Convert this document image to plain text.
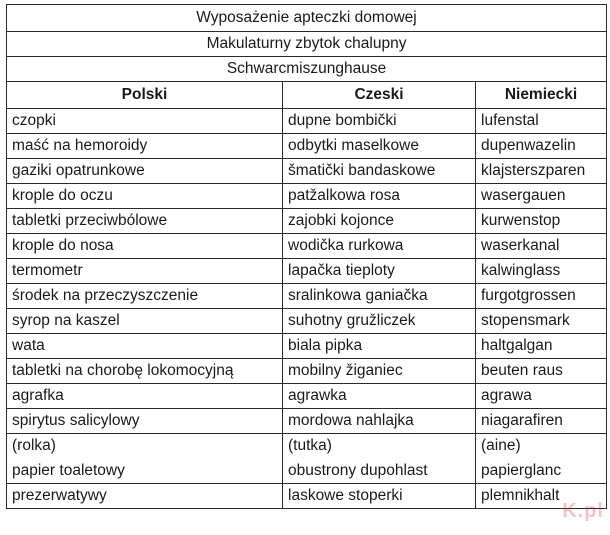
Wyposażenie apteczki domowej		
Makulaturny zbytok chalupny		
Schwarcmiszunghause		
Polski	Czeski	Niemiecki
czopki	dupne bombički	lufenstal
maść na hemoroidy	odbytki maselkowe	dupenwazelin
gaziki opatrunkowe	šmatički bandaskowe	klajsterszparen
krople do oczu	patžalkowa rosa	wasergauen
tabletki przeciwbólowe	zajobki kojonce	kurwenstop
krople do nosa	wodička rurkowa	waserkanal
termometr	lapačka tieploty	kalwinglass
środek na przeczyszczenie	sralinkowa ganiačka	furgotgrossen
syrop na kaszel	suhotny gružliczek	stopensmark
wata	biala pipka	haltgalgan
tabletki na chorobę lokomocyjną	mobilny žiganiec	beuten raus
agrafka	agrawka	agrawa
spirytus salicylowy	mordowa nahlajka	niagarafiren
(rolka)	(tutka)	(aine)
papier toaletowy	obustrony dupohlast	papierglanc
prezerwatywy	laskowe stoperki	plemnikhalt
K.pl
